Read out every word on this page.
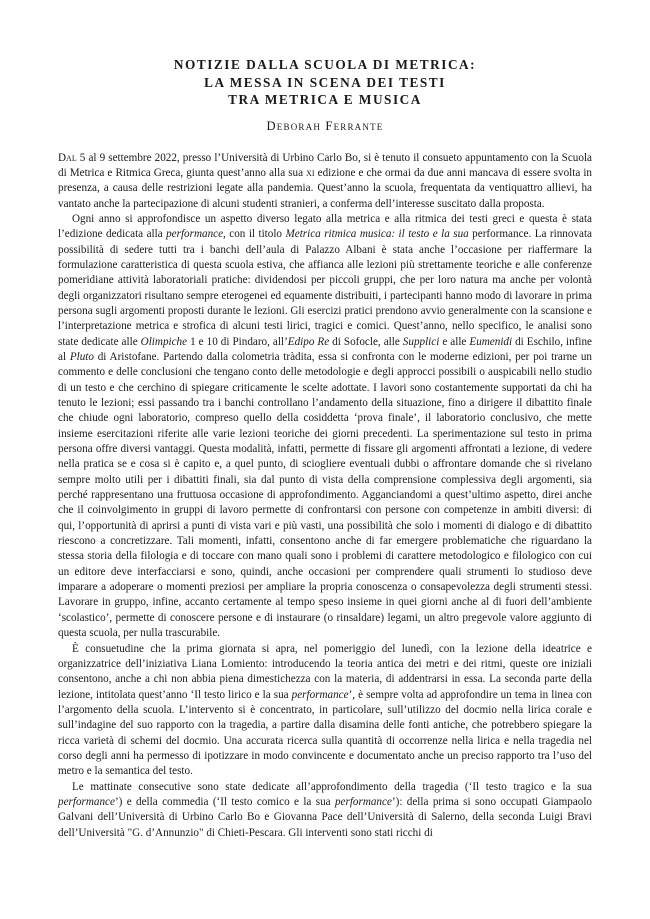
NOTIZIE DALLA SCUOLA DI METRICA:
LA MESSA IN SCENA DEI TESTI
TRA METRICA E MUSICA
Deborah Ferrante

Dal 5 al 9 settembre 2022, presso l’Università di Urbino Carlo Bo, si è tenuto il consueto appuntamento con la Scuola di Metrica e Ritmica Greca, giunta quest’anno alla sua xi edizione e che ormai da due anni mancava di essere svolta in presenza, a causa delle restrizioni legate alla pandemia. Quest’anno la scuola, frequentata da ventiquattro allievi, ha vantato anche la partecipazione di alcuni studenti stranieri, a conferma dell’interesse suscitato dalla proposta.

Ogni anno si approfondisce un aspetto diverso legato alla metrica e alla ritmica dei testi greci e questa è stata l’edizione dedicata alla performance, con il titolo Metrica ritmica musica: il testo e la sua performance. La rinnovata possibilità di sedere tutti tra i banchi dell’aula di Palazzo Albani è stata anche l’occasione per riaffermare la formulazione caratteristica di questa scuola estiva, che affianca alle lezioni più strettamente teoriche e alle conferenze pomeridiane attività laboratoriali pratiche: dividendosi per piccoli gruppi, che per loro natura ma anche per volontà degli organizzatori risultano sempre eterogenei ed equamente distribuiti, i partecipanti hanno modo di lavorare in prima persona sugli argomenti proposti durante le lezioni. Gli esercizi pratici prendono avvio generalmente con la scansione e l’interpretazione metrica e strofica di alcuni testi lirici, tragici e comici. Quest’anno, nello specifico, le analisi sono state dedicate alle Olimpiche 1 e 10 di Pindaro, all’Edipo Re di Sofocle, alle Supplici e alle Eumenidi di Eschilo, infine al Pluto di Aristofane. Partendo dalla colometria tràdita, essa si confronta con le moderne edizioni, per poi trarne un commento e delle conclusioni che tengano conto delle metodologie e degli approcci possibili o auspicabili nello studio di un testo e che cerchino di spiegare criticamente le scelte adottate. I lavori sono costantemente supportati da chi ha tenuto le lezioni; essi passando tra i banchi controllano l’andamento della situazione, fino a dirigere il dibattito finale che chiude ogni laboratorio, compreso quello della cosiddetta ‘prova finale’, il laboratorio conclusivo, che mette insieme esercitazioni riferite alle varie lezioni teoriche dei giorni precedenti. La sperimentazione sul testo in prima persona offre diversi vantaggi. Questa modalità, infatti, permette di fissare gli argomenti affrontati a lezione, di vedere nella pratica se e cosa si è capito e, a quel punto, di sciogliere eventuali dubbi o affrontare domande che si rivelano sempre molto utili per i dibattiti finali, sia dal punto di vista della comprensione complessiva degli argomenti, sia perché rappresentano una fruttuosa occasione di approfondimento. Agganciandomi a quest’ultimo aspetto, direi anche che il coinvolgimento in gruppi di lavoro permette di confrontarsi con persone con competenze in ambiti diversi: di qui, l’opportunità di aprirsi a punti di vista vari e più vasti, una possibilità che solo i momenti di dialogo e di dibattito riescono a concretizzare. Tali momenti, infatti, consentono anche di far emergere problematiche che riguardano la stessa storia della filologia e di toccare con mano quali sono i problemi di carattere metodologico e filologico con cui un editore deve interfacciarsi e sono, quindi, anche occasioni per comprendere quali strumenti lo studioso deve imparare a adoperare o momenti preziosi per ampliare la propria conoscenza o consapevolezza degli strumenti stessi. Lavorare in gruppo, infine, accanto certamente al tempo speso insieme in quei giorni anche al di fuori dell’ambiente ‘scolastico’, permette di conoscere persone e di instaurare (o rinsaldare) legami, un altro pregevole valore aggiunto di questa scuola, per nulla trascurabile.

È consuetudine che la prima giornata si apra, nel pomeriggio del lunedì, con la lezione della ideatrice e organizzatrice dell’iniziativa Liana Lomiento: introducendo la teoria antica dei metri e dei ritmi, queste ore iniziali consentono, anche a chi non abbia piena dimestichezza con la materia, di addentrarsi in essa. La seconda parte della lezione, intitolata quest’anno ‘Il testo lirico e la sua performance’, è sempre volta ad approfondire un tema in linea con l’argomento della scuola. L’intervento si è concentrato, in particolare, sull’utilizzo del docmio nella lirica corale e sull’indagine del suo rapporto con la tragedia, a partire dalla disamina delle fonti antiche, che potrebbero spiegare la ricca varietà di schemi del docmio. Una accurata ricerca sulla quantità di occorrenze nella lirica e nella tragedia nel corso degli anni ha permesso di ipotizzare in modo convincente e documentato anche un preciso rapporto tra l’uso del metro e la semantica del testo.

Le mattinate consecutive sono state dedicate all’approfondimento della tragedia (‘Il testo tragico e la sua performance’) e della commedia (‘Il testo comico e la sua performance’): della prima si sono occupati Giampaolo Galvani dell’Università di Urbino Carlo Bo e Giovanna Pace dell’Università di Salerno, della seconda Luigi Bravi dell’Università "G. d’Annunzio" di Chieti-Pescara. Gli interventi sono stati ricchi di
